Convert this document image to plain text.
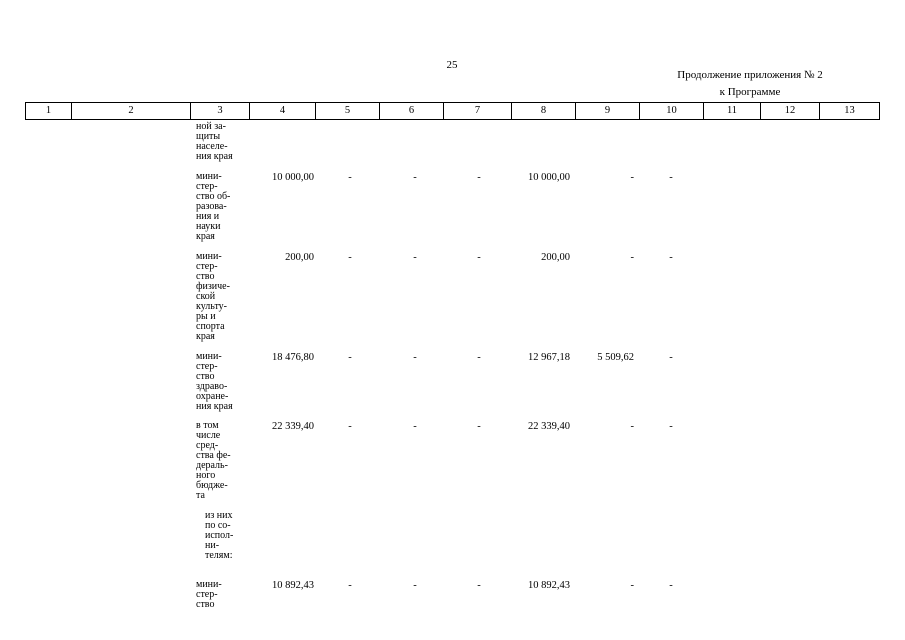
25
Продолжение приложения № 2
к Программе
1	2	3	4	5	6	7	8	9	10	11	12	13
ной за-
щиты
населе-
ния края
мини-
стер-
ство об-
разова-
ния и
науки
края
10 000,00	-	-	-	10 000,00	-	-
мини-
стер-
ство
физиче-
ской
культу-
ры и
спорта
края
200,00	-	-	-	200,00	-	-
мини-
стер-
ство
здраво-
охране-
ния края
18 476,80	-	-	-	12 967,18	5 509,62	-
в том
числе
сред-
ства фе-
дераль-
ного
бюдже-
та
22 339,40	-	-	-	22 339,40	-	-
из них
по со-
испол-
ни-
телям:
мини-
стер-
ство
10 892,43	-	-	-	10 892,43	-	-
